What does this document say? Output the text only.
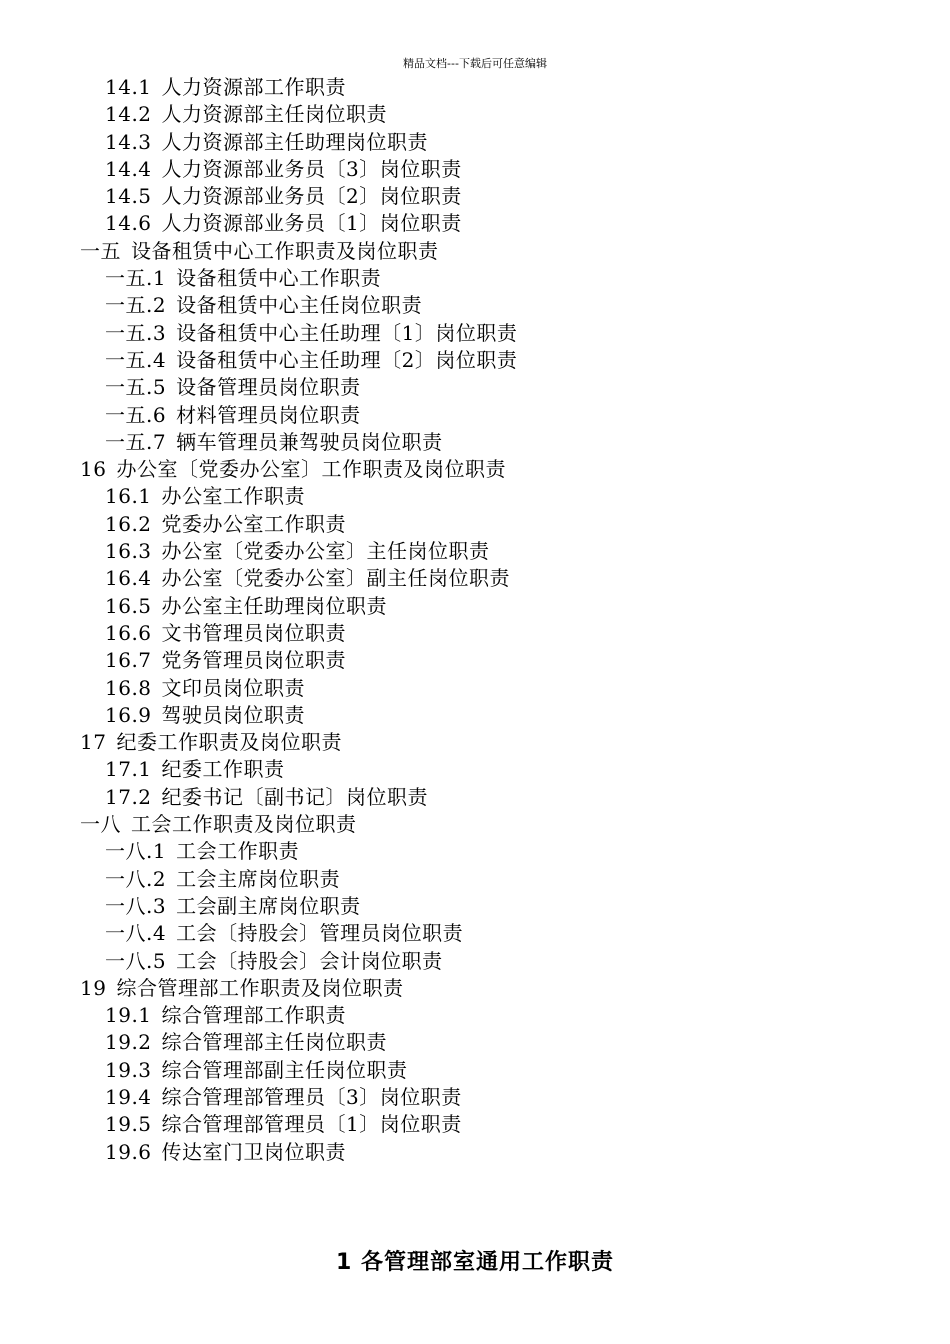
精品文档---下载后可任意编辑
14.1 人力资源部工作职责
14.2 人力资源部主任岗位职责
14.3 人力资源部主任助理岗位职责
14.4 人力资源部业务员〔3〕岗位职责
14.5 人力资源部业务员〔2〕岗位职责
14.6 人力资源部业务员〔1〕岗位职责
一五 设备租赁中心工作职责及岗位职责
一五.1 设备租赁中心工作职责
一五.2 设备租赁中心主任岗位职责
一五.3 设备租赁中心主任助理〔1〕岗位职责
一五.4 设备租赁中心主任助理〔2〕岗位职责
一五.5 设备管理员岗位职责
一五.6 材料管理员岗位职责
一五.7 辆车管理员兼驾驶员岗位职责
16 办公室〔党委办公室〕工作职责及岗位职责
16.1 办公室工作职责
16.2 党委办公室工作职责
16.3 办公室〔党委办公室〕主任岗位职责
16.4 办公室〔党委办公室〕副主任岗位职责
16.5 办公室主任助理岗位职责
16.6 文书管理员岗位职责
16.7 党务管理员岗位职责
16.8 文印员岗位职责
16.9 驾驶员岗位职责
17 纪委工作职责及岗位职责
17.1 纪委工作职责
17.2 纪委书记〔副书记〕岗位职责
一八 工会工作职责及岗位职责
一八.1 工会工作职责
一八.2 工会主席岗位职责
一八.3 工会副主席岗位职责
一八.4 工会〔持股会〕管理员岗位职责
一八.5 工会〔持股会〕会计岗位职责
19 综合管理部工作职责及岗位职责
19.1 综合管理部工作职责
19.2 综合管理部主任岗位职责
19.3 综合管理部副主任岗位职责
19.4 综合管理部管理员〔3〕岗位职责
19.5 综合管理部管理员〔1〕岗位职责
19.6 传达室门卫岗位职责
1 各管理部室通用工作职责
